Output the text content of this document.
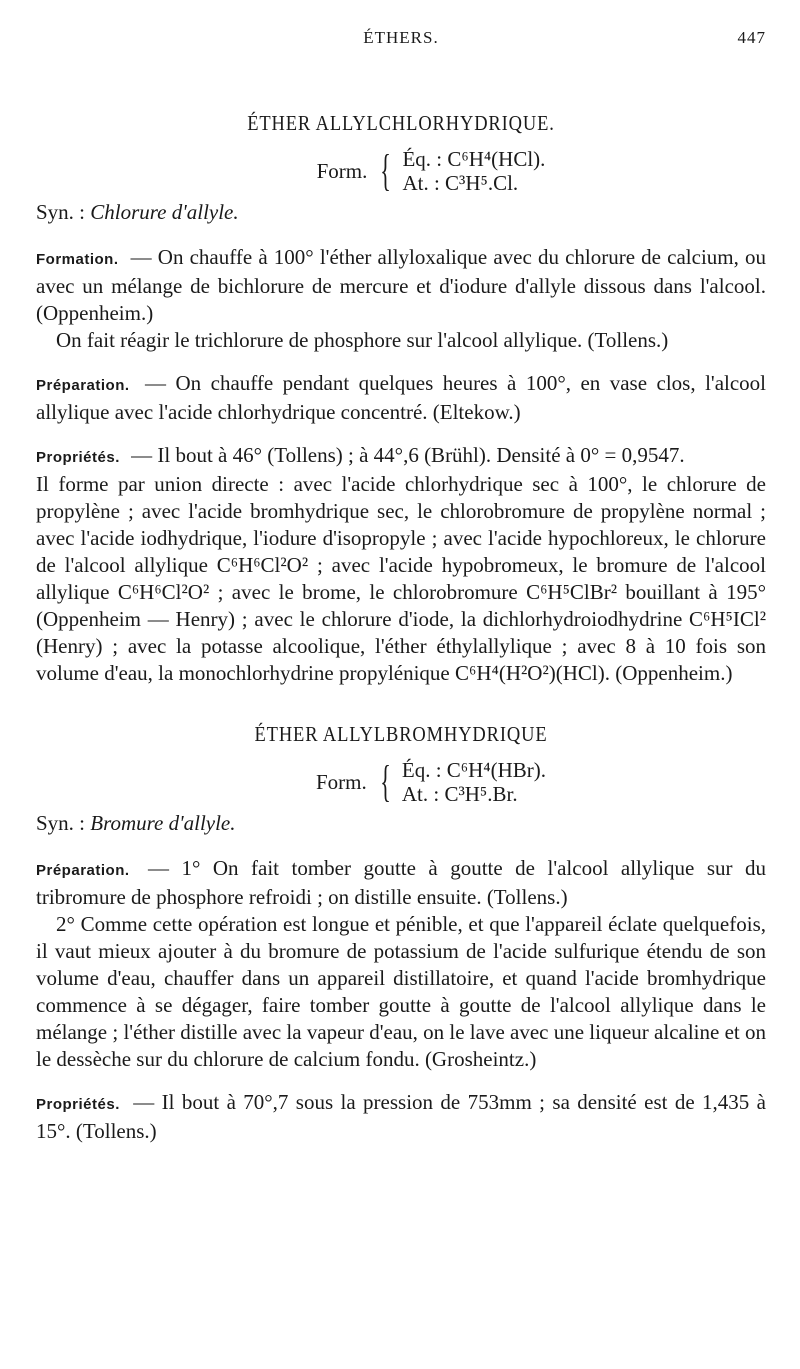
ÉTHERS.	447
ÉTHER ALLYLCHLORHYDRIQUE.
Form. { Éq. : C⁶H⁴(HCl).
At. : C³H⁵.Cl.
Syn. : Chlorure d'allyle.

Formation. — On chauffe à 100° l'éther allyloxalique avec du chlorure de calcium, ou avec un mélange de bichlorure de mercure et d'iodure d'allyle dissous dans l'alcool. (Oppenheim.)

On fait réagir le trichlorure de phosphore sur l'alcool allylique. (Tollens.)

Préparation. — On chauffe pendant quelques heures à 100°, en vase clos, l'alcool allylique avec l'acide chlorhydrique concentré. (Eltekow.)

Propriétés. — Il bout à 46° (Tollens) ; à 44°,6 (Brühl). Densité à 0° = 0,9547.

Il forme par union directe : avec l'acide chlorhydrique sec à 100°, le chlorure de propylène ; avec l'acide bromhydrique sec, le chlorobromure de propylène normal ; avec l'acide iodhydrique, l'iodure d'isopropyle ; avec l'acide hypochloreux, le chlorure de l'alcool allylique C⁶H⁶Cl²O² ; avec l'acide hypobromeux, le bromure de l'alcool allylique C⁶H⁶Cl²O² ; avec le brome, le chlorobromure C⁶H⁵ClBr² bouillant à 195° (Oppenheim — Henry) ; avec le chlorure d'iode, la dichlorhydroiodhydrine C⁶H⁵ICl² (Henry) ; avec la potasse alcoolique, l'éther éthylallylique ; avec 8 à 10 fois son volume d'eau, la monochlorhydrine propylénique C⁶H⁴(H²O²)(HCl). (Oppenheim.)

ÉTHER ALLYLBROMHYDRIQUE
Form. { Éq. : C⁶H⁴(HBr).
At. : C³H⁵.Br.
Syn. : Bromure d'allyle.

Préparation. — 1° On fait tomber goutte à goutte de l'alcool allylique sur du tribromure de phosphore refroidi ; on distille ensuite. (Tollens.)

2° Comme cette opération est longue et pénible, et que l'appareil éclate quelquefois, il vaut mieux ajouter à du bromure de potassium de l'acide sulfurique étendu de son volume d'eau, chauffer dans un appareil distillatoire, et quand l'acide bromhydrique commence à se dégager, faire tomber goutte à goutte de l'alcool allylique dans le mélange ; l'éther distille avec la vapeur d'eau, on le lave avec une liqueur alcaline et on le dessèche sur du chlorure de calcium fondu. (Grosheintz.)

Propriétés. — Il bout à 70°,7 sous la pression de 753mm ; sa densité est de 1,435 à 15°. (Tollens.)
